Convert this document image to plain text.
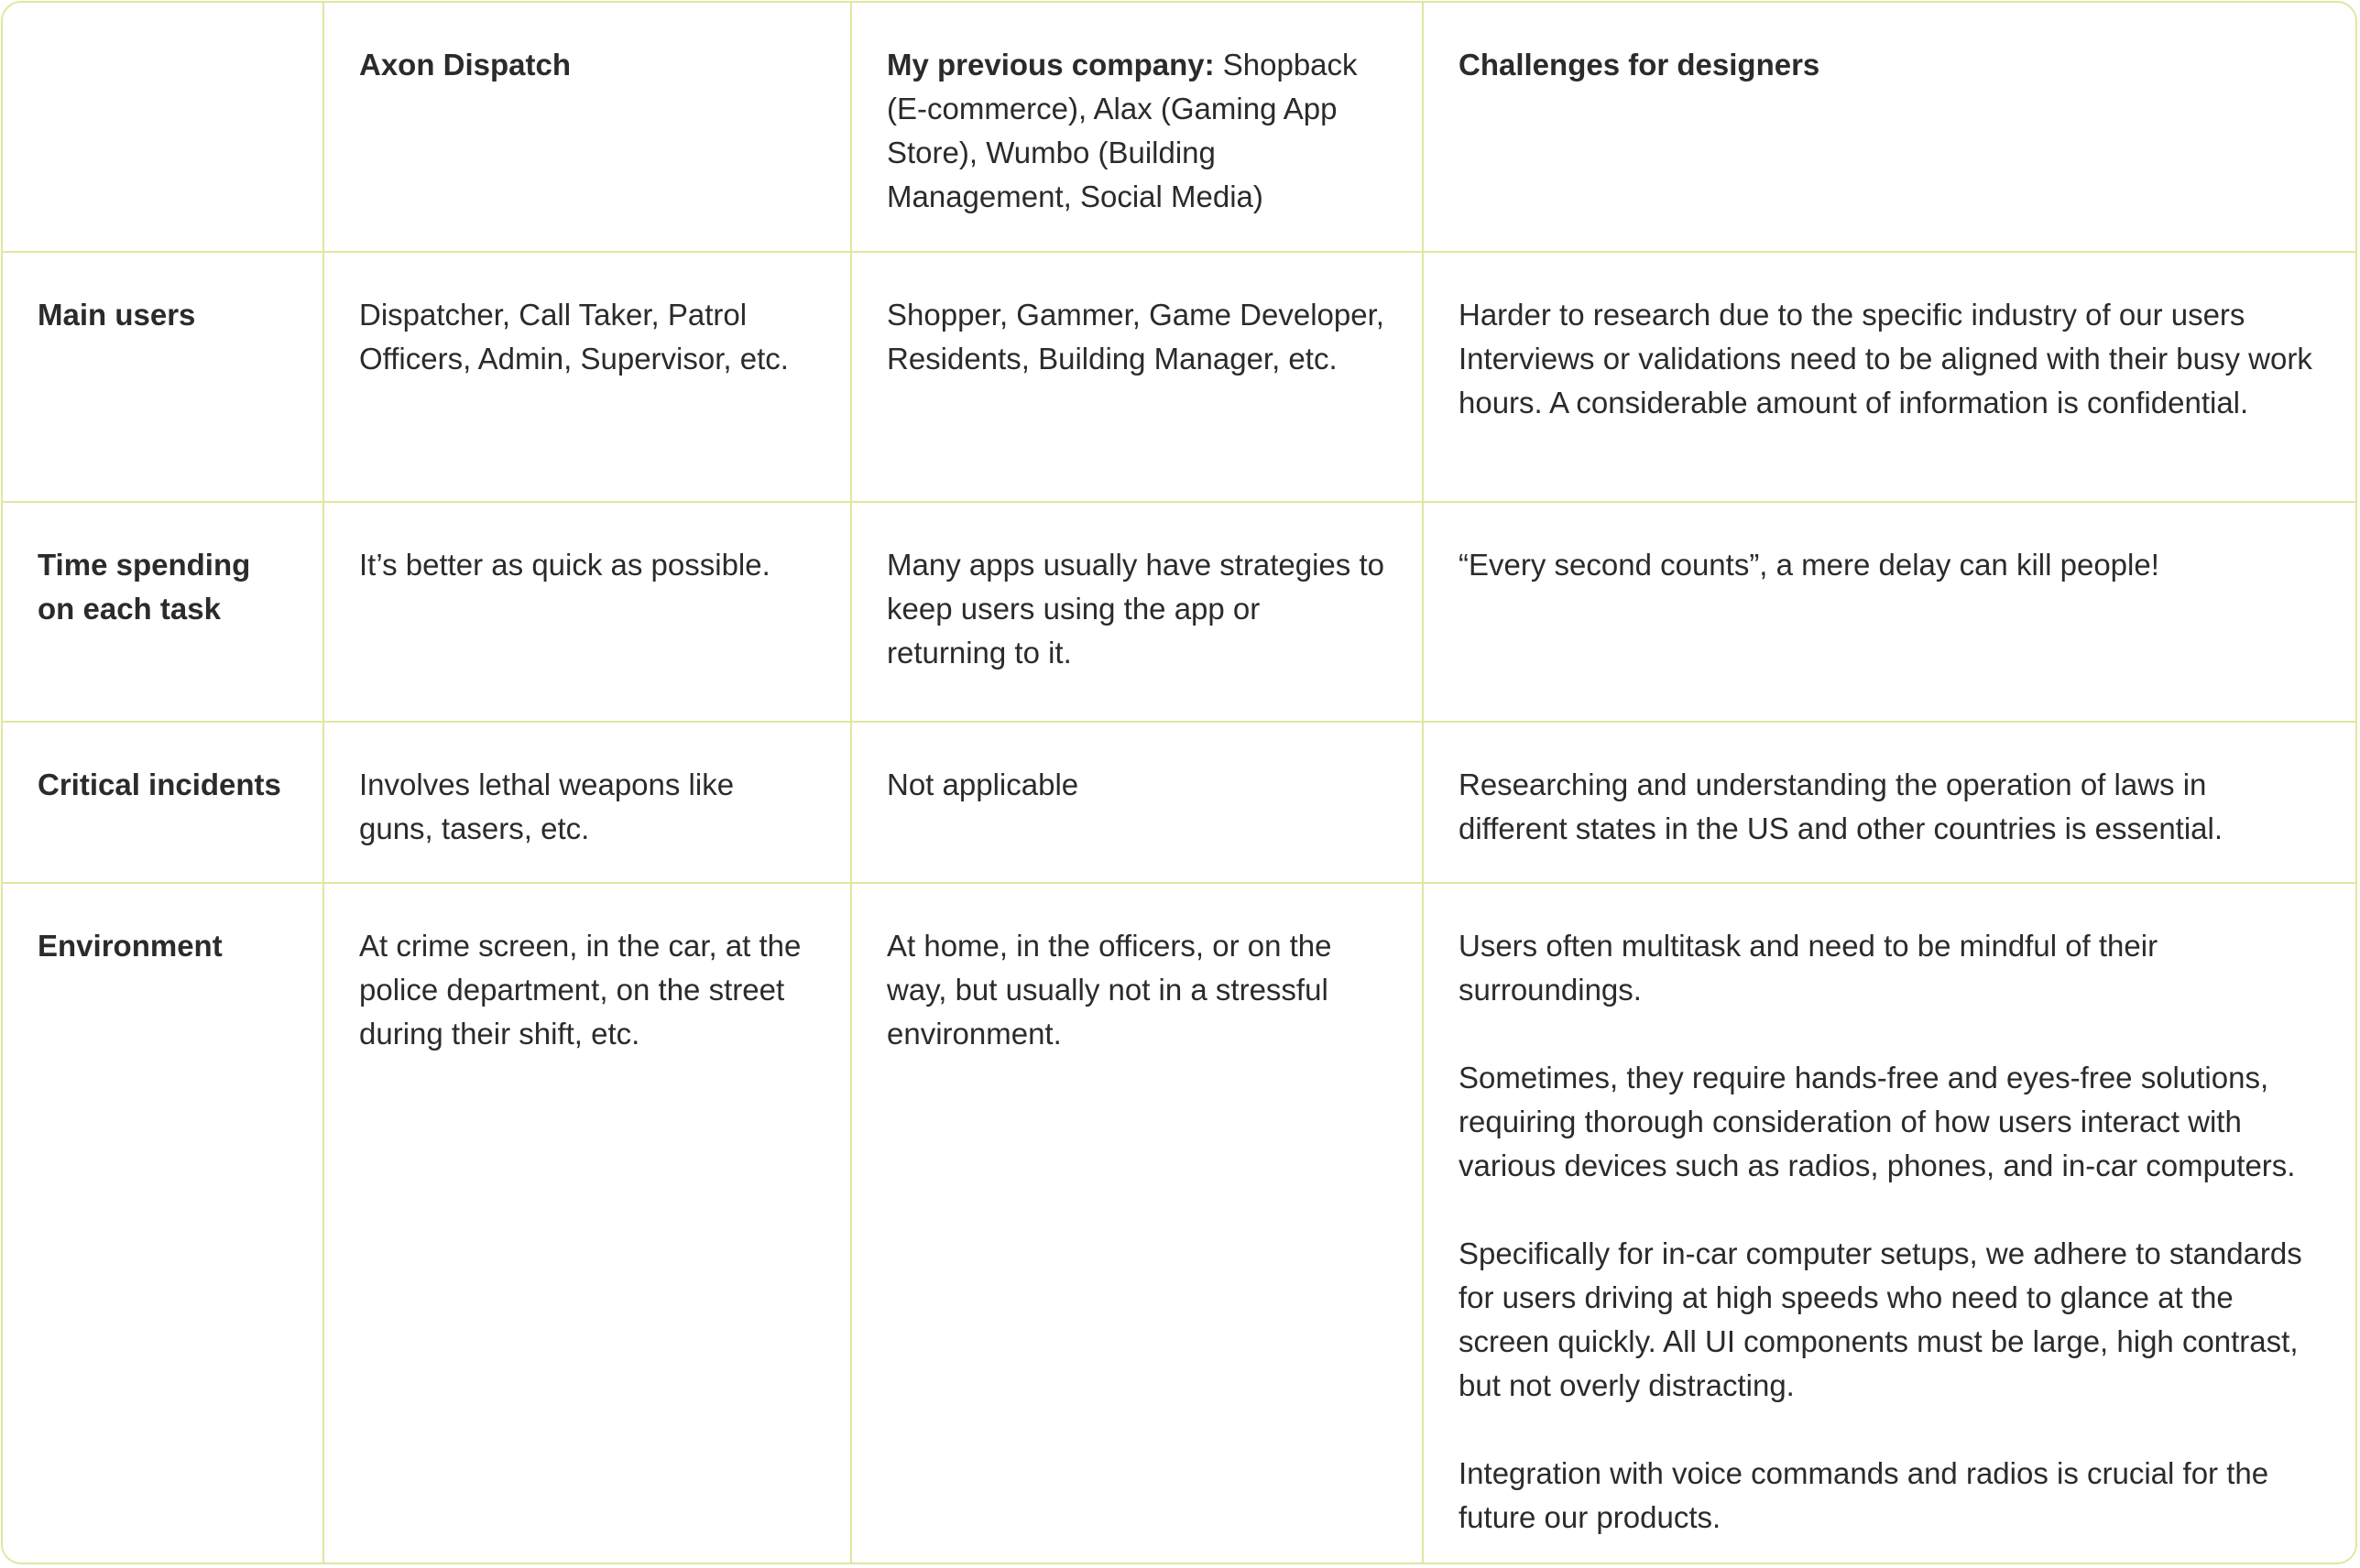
	Axon Dispatch	My previous company: Shopback (E-commerce), Alax (Gaming App Store), Wumbo (Building Management, Social Media)	Challenges for designers
Main users	Dispatcher, Call Taker, Patrol Officers, Admin, Supervisor, etc.	Shopper, Gammer, Game Developer, Residents, Building Manager, etc.	Harder to research due to the specific industry of our users Interviews or validations need to be aligned with their busy work hours. A considerable amount of information is confidential.

Time spending on each task	It’s better as quick as possible.	Many apps usually have strategies to keep users using the app or returning to it.	“Every second counts”, a mere delay can kill people!

Critical incidents	Involves lethal weapons like guns, tasers, etc.	Not applicable	Researching and understanding the operation of laws in different states in the US and other countries is essential.

Environment	At crime screen, in the car, at the police department, on the street during their shift, etc.	At home, in the officers, or on the way, but usually not in a stressful environment.	Users often multitask and need to be mindful of their surroundings.

Sometimes, they require hands-free and eyes-free solutions, requiring thorough consideration of how users interact with various devices such as radios, phones, and in-car computers.

Specifically for in-car computer setups, we adhere to standards for users driving at high speeds who need to glance at the screen quickly. All UI components must be large, high contrast, but not overly distracting.

Integration with voice commands and radios is crucial for the future our products.
